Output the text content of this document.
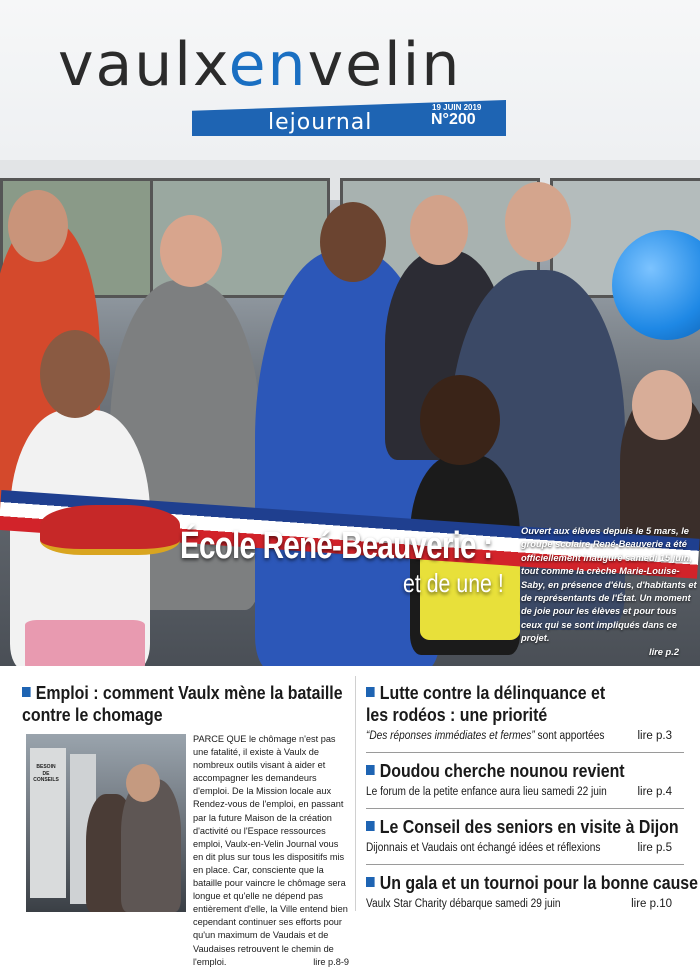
vaulxenvelin
lejournal
19 JUIN 2019
N°200
École René-Beauverie :
et de une !
Ouvert aux élèves depuis le 5 mars, le groupe scolaire René-Beauverie a été officiellement inauguré samedi 15 juin, tout comme la crèche Marie-Louise-Saby, en présence d'élus, d'habitants et de représentants de l'État. Un moment de joie pour les élèves et pour tous ceux qui se sont impliqués dans ce projet.
lire p.2
Emploi : comment Vaulx mène la bataille
contre le chomage
BESOIN
DE CONSEILS
PARCE QUE le chômage n'est pas une fatalité, il existe à Vaulx de nombreux outils visant à aider et accompagner les demandeurs d'emploi. De la Mission locale aux Rendez-vous de l'emploi, en passant par la future Maison de la création d'activité ou l'Espace ressources emploi, Vaulx-en-Velin Journal vous en dit plus sur tous les dispositifs mis en place. Car, consciente que la bataille pour vaincre le chômage sera longue et qu'elle ne dépend pas entièrement d'elle, la Ville entend bien cependant continuer ses efforts pour qu'un maximum de Vaudais et de Vaudaises retrouvent le chemin de l'emploi.	lire p.8-9
Lutte contre la délinquance et
les rodéos : une priorité
“Des réponses immédiates et fermes” sont apportées	lire p.3
Doudou cherche nounou revient
Le forum de la petite enfance aura lieu samedi 22 juin	lire p.4
Le Conseil des seniors en visite à Dijon
Dijonnais et Vaudais ont échangé idées et réflexions	lire p.5
Un gala et un tournoi pour la bonne cause
Vaulx Star Charity débarque samedi 29 juin	lire p.10
